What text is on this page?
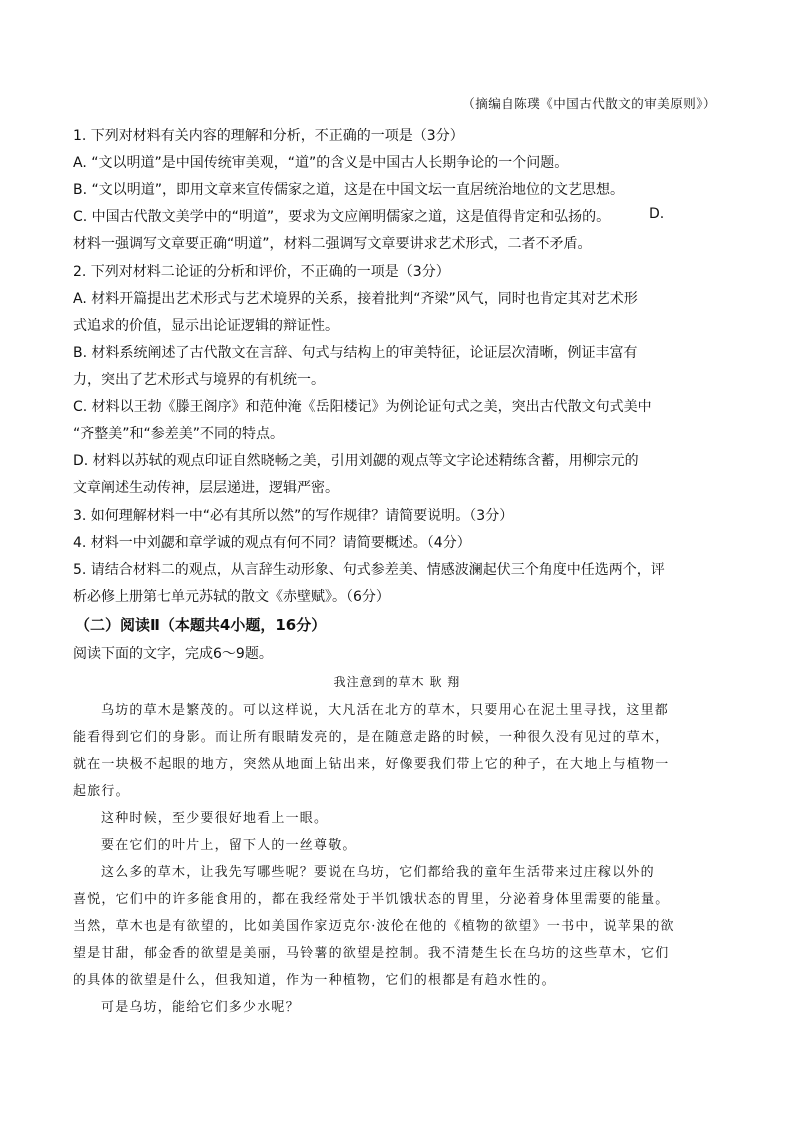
（摘编自陈璞《中国古代散文的审美原则》）
1. 下列对材料有关内容的理解和分析，不正确的一项是（3分）
A. “文以明道”是中国传统审美观，“道”的含义是中国古人长期争论的一个问题。
B. “文以明道”，即用文章来宣传儒家之道，这是在中国文坛一直居统治地位的文艺思想。
C. 中国古代散文美学中的“明道”，要求为文应阐明儒家之道，这是值得肯定和弘扬的。	D.
材料一强调写文章要正确“明道”，材料二强调写文章要讲求艺术形式，二者不矛盾。
2. 下列对材料二论证的分析和评价，不正确的一项是（3分）
A. 材料开篇提出艺术形式与艺术境界的关系，接着批判“齐梁”风气，同时也肯定其对艺术形
式追求的价值，显示出论证逻辑的辩证性。
B. 材料系统阐述了古代散文在言辞、句式与结构上的审美特征，论证层次清晰，例证丰富有
力，突出了艺术形式与境界的有机统一。
C. 材料以王勃《滕王阁序》和范仲淹《岳阳楼记》为例论证句式之美，突出古代散文句式美中
“齐整美”和“参差美”不同的特点。
D. 材料以苏轼的观点印证自然晓畅之美，引用刘勰的观点等文字论述精练含蓄，用柳宗元的
文章阐述生动传神，层层递进，逻辑严密。
3. 如何理解材料一中“必有其所以然”的写作规律？请简要说明。（3分）
4. 材料一中刘勰和章学诚的观点有何不同？请简要概述。（4分）
5. 请结合材料二的观点，从言辞生动形象、句式参差美、情感波澜起伏三个角度中任选两个，评
析必修上册第七单元苏轼的散文《赤壁赋》。（6分）
（二）阅读Ⅱ（本题共4小题，16分）
阅读下面的文字，完成6～9题。
我注意到的草木 耿 翔
乌坊的草木是繁茂的。可以这样说，大凡活在北方的草木，只要用心在泥土里寻找，这里都
能看得到它们的身影。而让所有眼睛发亮的，是在随意走路的时候，一种很久没有见过的草木，
就在一块极不起眼的地方，突然从地面上钻出来，好像要我们带上它的种子，在大地上与植物一
起旅行。
这种时候，至少要很好地看上一眼。
要在它们的叶片上，留下人的一丝尊敬。
这么多的草木，让我先写哪些呢？要说在乌坊，它们都给我的童年生活带来过庄稼以外的
喜悦，它们中的许多能食用的，都在我经常处于半饥饿状态的胃里，分泌着身体里需要的能量。
当然，草木也是有欲望的，比如美国作家迈克尔·波伦在他的《植物的欲望》一书中，说苹果的欲
望是甘甜，郁金香的欲望是美丽，马铃薯的欲望是控制。我不清楚生长在乌坊的这些草木，它们
的具体的欲望是什么，但我知道，作为一种植物，它们的根都是有趋水性的。
可是乌坊，能给它们多少水呢？
